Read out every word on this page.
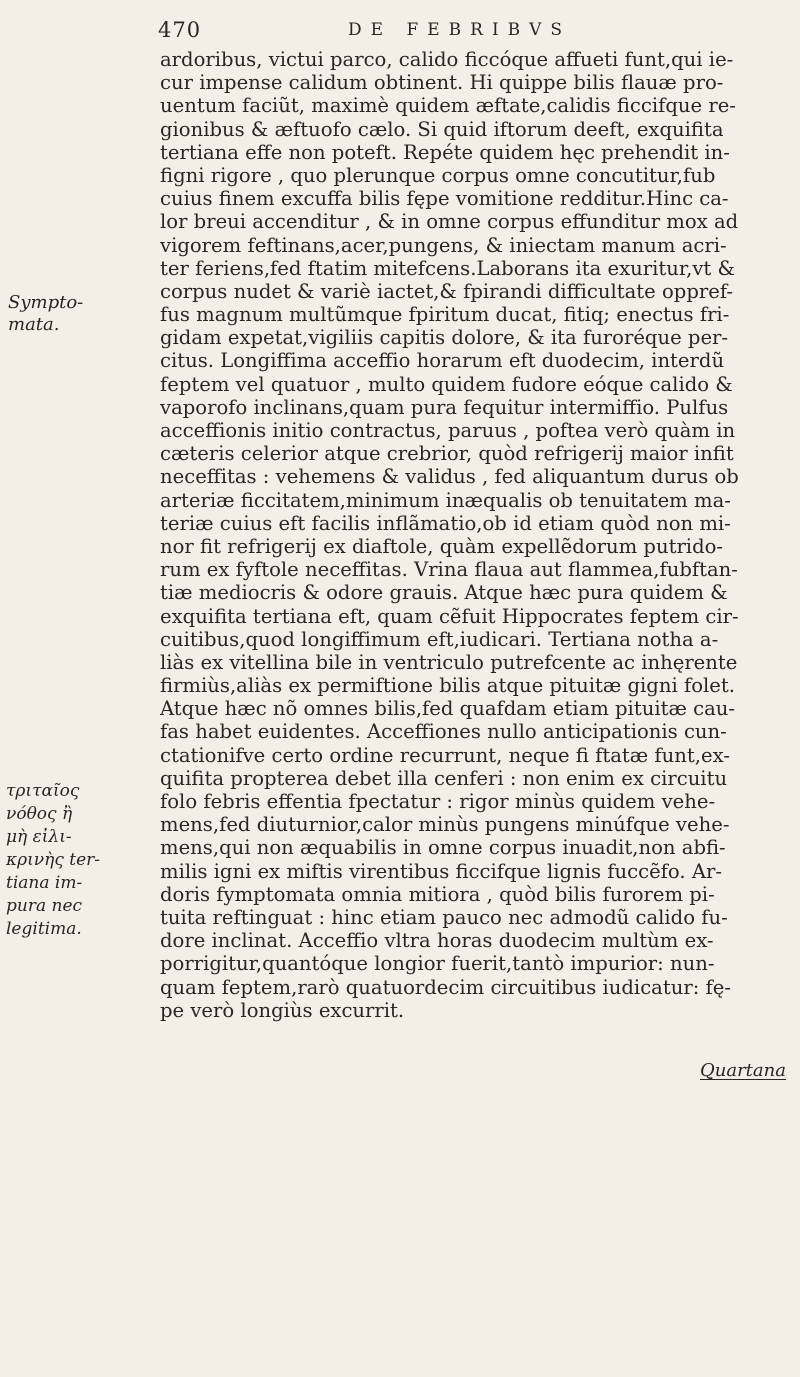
470	DE FEBRIBVS
Sympto-
mata.
τριταῖος
νόθος ἢ
μὴ εἰλι-
κρινὴς ter-
tiana im-
pura nec
legitima.
ardoribus, victui parco, calido ficcóque affueti funt,qui ie-
cur impense calidum obtinent. Hi quippe bilis flauæ pro-
uentum faciũt, maximè quidem æftate,calidis ficcifque re-
gionibus & æftuofo cælo. Si quid iftorum deeft, exquifita
tertiana effe non poteft. Repéte quidem hęc prehendit in-
figni rigore , quo plerunque corpus omne concutitur,fub
cuius finem excuffa bilis fępe vomitione redditur.Hinc ca-
lor breui accenditur , & in omne corpus effunditur mox ad
vigorem feftinans,acer,pungens, & iniectam manum acri-
ter feriens,fed ftatim mitefcens.Laborans ita exuritur,vt &
corpus nudet & variè iactet,& fpirandi difficultate oppref-
fus magnum multũmque fpiritum ducat, fitiq; enectus fri-
gidam expetat,vigiliis capitis dolore, & ita furoréque per-
citus. Longiffima acceffio horarum eft duodecim, interdũ
feptem vel quatuor , multo quidem fudore eóque calido &
vaporofo inclinans,quam pura fequitur intermiffio. Pulfus
acceffionis initio contractus, paruus , poftea verò quàm in
cæteris celerior atque crebrior, quòd refrigerij maior infit
neceffitas : vehemens & validus , fed aliquantum durus ob
arteriæ ficcitatem,minimum inæqualis ob tenuitatem ma-
teriæ cuius eft facilis inflãmatio,ob id etiam quòd non mi-
nor fit refrigerij ex diaftole, quàm expellẽdorum putrido-
rum ex fyftole neceffitas. Vrina flaua aut flammea,fubftan-
tiæ mediocris & odore grauis. Atque hæc pura quidem &
exquifita tertiana eft, quam cẽfuit Hippocrates feptem cir-
cuitibus,quod longiffimum eft,iudicari. Tertiana notha a-
liàs ex vitellina bile in ventriculo putrefcente ac inhęrente
firmiùs,aliàs ex permiftione bilis atque pituitæ gigni folet.
Atque hæc nõ omnes bilis,fed quafdam etiam pituitæ cau-
fas habet euidentes. Acceffiones nullo anticipationis cun-
ctationifve certo ordine recurrunt, neque fi ftatæ funt,ex-
quifita propterea debet illa cenferi : non enim ex circuitu
folo febris effentia fpectatur : rigor minùs quidem vehe-
mens,fed diuturnior,calor minùs pungens minúfque vehe-
mens,qui non æquabilis in omne corpus inuadit,non abfi-
milis igni ex miftis virentibus ficcifque lignis fuccẽfo. Ar-
doris fymptomata omnia mitiora , quòd bilis furorem pi-
tuita reftinguat : hinc etiam pauco nec admodũ calido fu-
dore inclinat. Acceffio vltra horas duodecim multùm ex-
porrigitur,quantóque longior fuerit,tantò impurior: nun-
quam feptem,rarò quatuordecim circuitibus iudicatur: fę-
pe verò longiùs excurrit.
Quartana
